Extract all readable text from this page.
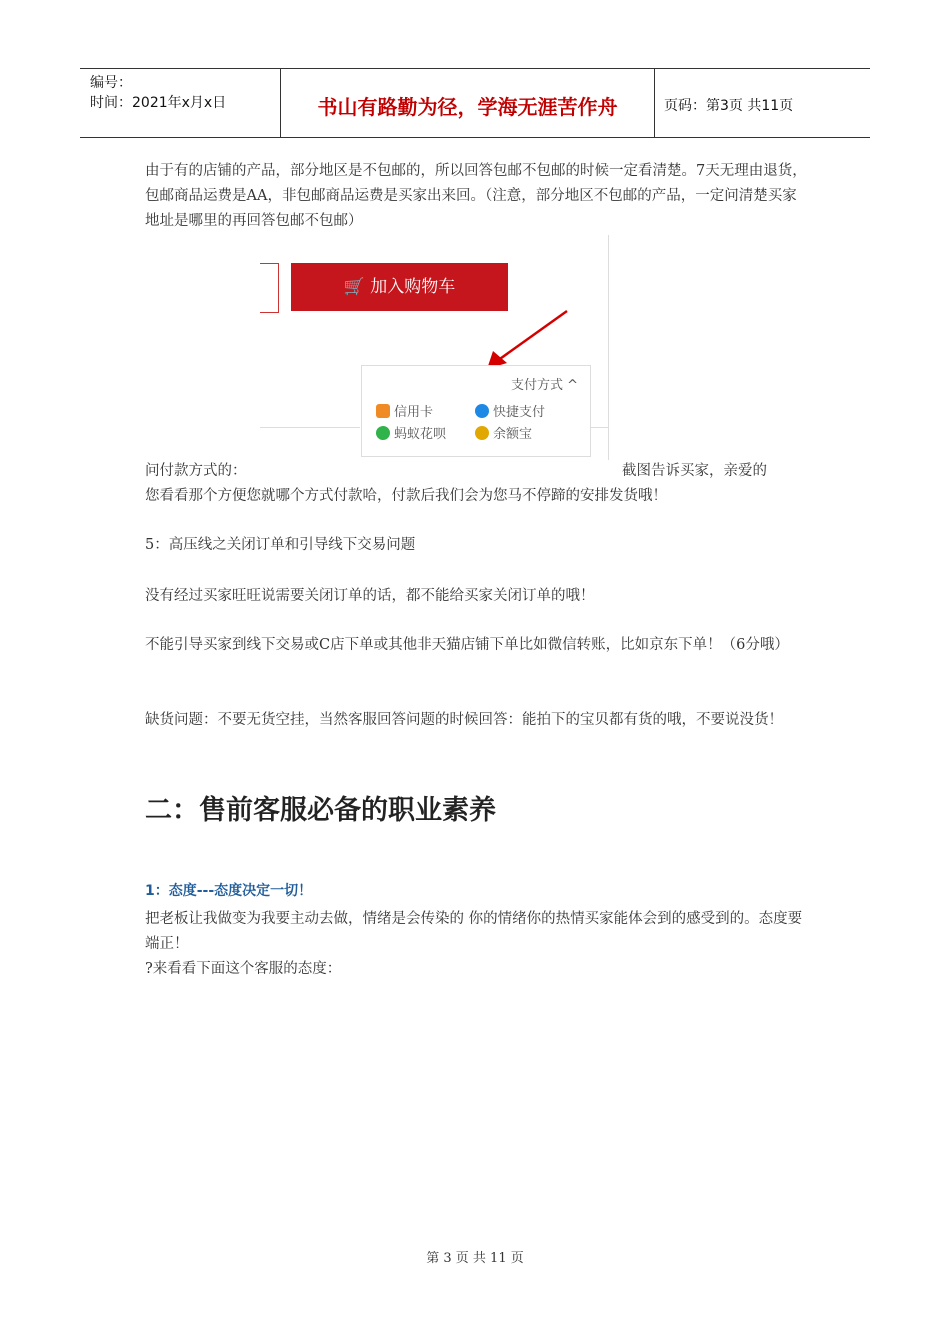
编号：
时间：2021年x月x日	书山有路勤为径，学海无涯苦作舟	页码：第3页 共11页
由于有的店铺的产品，部分地区是不包邮的，所以回答包邮不包邮的时候一定看清楚。7天无理由退货，包邮商品运费是AA，非包邮商品运费是买家出来回。（注意，部分地区不包邮的产品，一定问清楚买家地址是哪里的再回答包邮不包邮）
🛒 加入购物车
支付方式 ^
信用卡	快捷支付
蚂蚁花呗	余额宝
问付款方式的：	截图告诉买家，亲爱的
您看看那个方便您就哪个方式付款哈，付款后我们会为您马不停蹄的安排发货哦！
5：高压线之关闭订单和引导线下交易问题
没有经过买家旺旺说需要关闭订单的话，都不能给买家关闭订单的哦！
不能引导买家到线下交易或C店下单或其他非天猫店铺下单比如微信转账，比如京东下单！（6分哦）
缺货问题：不要无货空挂，当然客服回答问题的时候回答：能拍下的宝贝都有货的哦，不要说没货！
二：售前客服必备的职业素养
1：态度---态度决定一切！
把老板让我做变为我要主动去做，情绪是会传染的 你的情绪你的热情买家能体会到的感受到的。态度要端正！
?来看看下面这个客服的态度：
第 3 页 共 11 页
